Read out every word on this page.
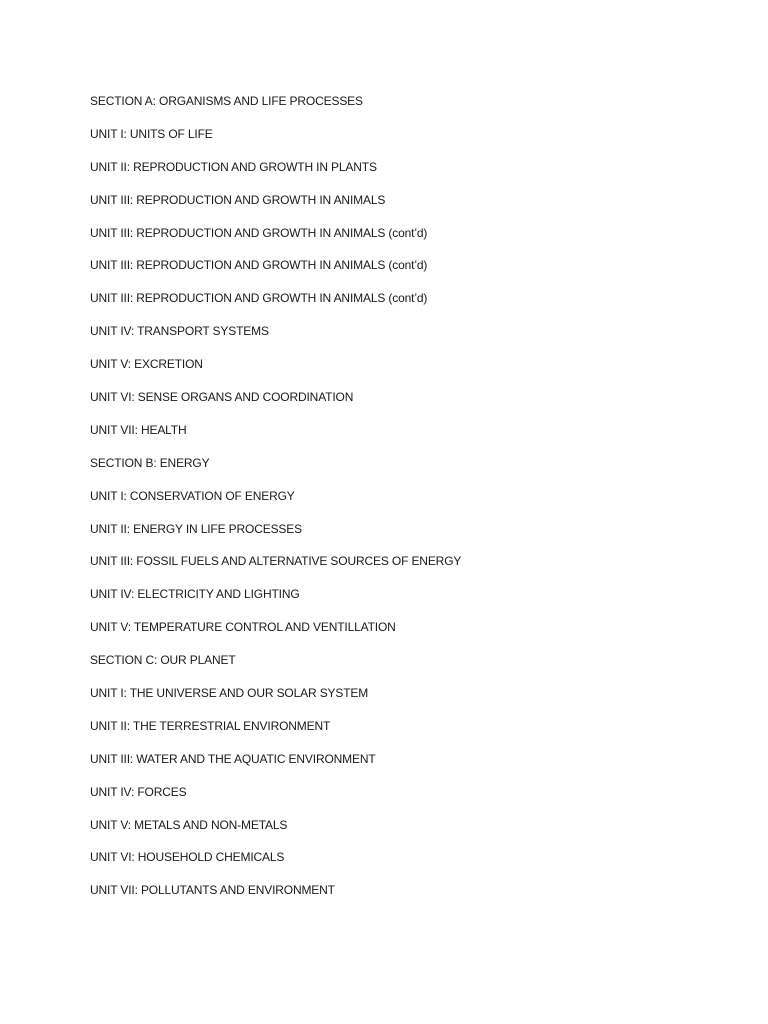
SECTION A: ORGANISMS AND LIFE PROCESSES
UNIT I: UNITS OF LIFE
UNIT II: REPRODUCTION AND GROWTH IN PLANTS
UNIT III: REPRODUCTION AND GROWTH IN ANIMALS
UNIT III: REPRODUCTION AND GROWTH IN ANIMALS (cont’d)
UNIT III: REPRODUCTION AND GROWTH IN ANIMALS (cont’d)
UNIT III: REPRODUCTION AND GROWTH IN ANIMALS (cont’d)
UNIT IV: TRANSPORT SYSTEMS
UNIT V: EXCRETION
UNIT VI: SENSE ORGANS AND COORDINATION
UNIT VII: HEALTH
SECTION B: ENERGY
UNIT I: CONSERVATION OF ENERGY
UNIT II: ENERGY IN LIFE PROCESSES
UNIT III: FOSSIL FUELS AND ALTERNATIVE SOURCES OF ENERGY
UNIT IV: ELECTRICITY AND LIGHTING
UNIT V: TEMPERATURE CONTROL AND VENTILLATION
SECTION C: OUR PLANET
UNIT I: THE UNIVERSE AND OUR SOLAR SYSTEM
UNIT II: THE TERRESTRIAL ENVIRONMENT
UNIT III: WATER AND THE AQUATIC ENVIRONMENT
UNIT IV: FORCES
UNIT V: METALS AND NON-METALS
UNIT VI: HOUSEHOLD CHEMICALS
UNIT VII: POLLUTANTS AND ENVIRONMENT
